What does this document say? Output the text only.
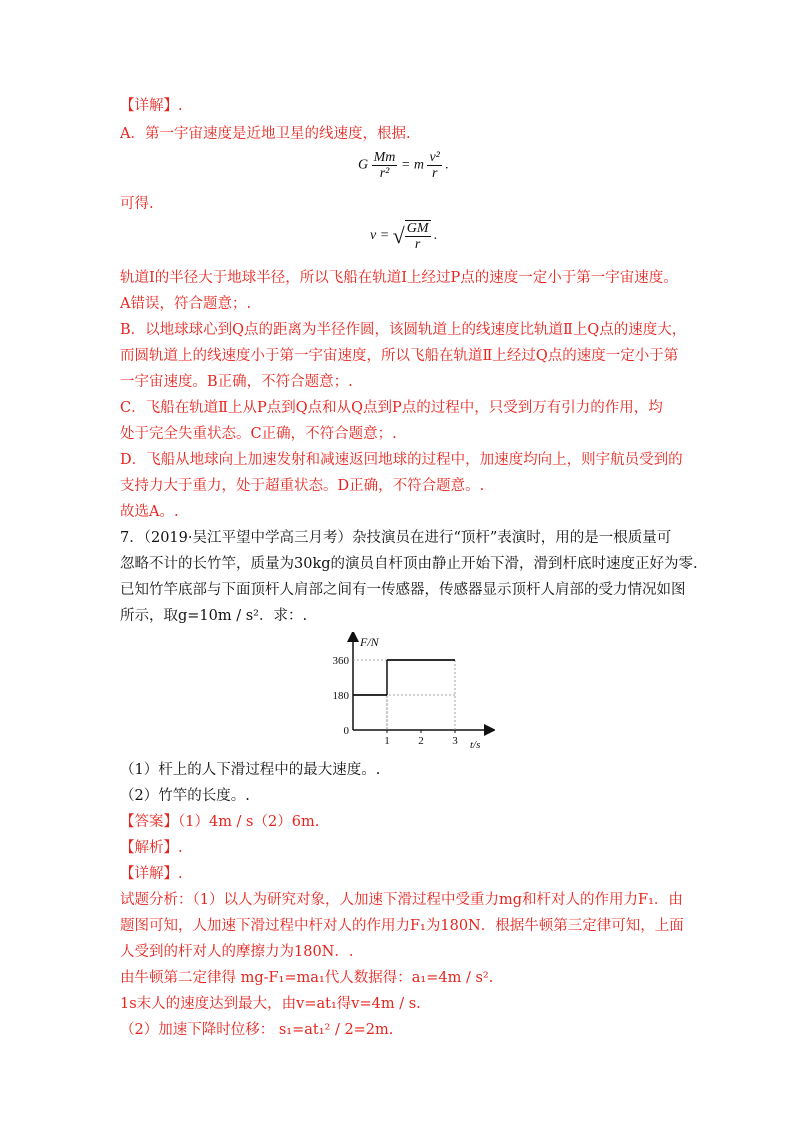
【详解】.
A．第一宇宙速度是近地卫星的线速度，根据.
G $\frac{Mm}{\text{r²}} = m \frac{\text{v²}}{r}$ .
可得.
v = √ $\frac{GM}{r}$ .
轨道Ⅰ的半径大于地球半径，所以飞船在轨道Ⅰ上经过P点的速度一定小于第一宇宙速度。
A错误，符合题意；.
B．以地球球心到Q点的距离为半径作圆，该圆轨道上的线速度比轨道Ⅱ上Q点的速度大，
而圆轨道上的线速度小于第一宇宙速度，所以飞船在轨道Ⅱ上经过Q点的速度一定小于第
一宇宙速度。B正确，不符合题意；.
C．飞船在轨道Ⅱ上从P点到Q点和从Q点到P点的过程中，只受到万有引力的作用，均
处于完全失重状态。C正确，不符合题意；.
D．飞船从地球向上加速发射和减速返回地球的过程中，加速度均向上，则宇航员受到的
支持力大于重力，处于超重状态。D正确，不符合题意。.
故选A。.
7．（2019·吴江平望中学高三月考）杂技演员在进行“顶杆”表演时，用的是一根质量可
忽略不计的长竹竿，质量为30kg的演员自杆顶由静止开始下滑，滑到杆底时速度正好为零.
已知竹竿底部与下面顶杆人肩部之间有一传感器，传感器显示顶杆人肩部的受力情况如图
所示，取g=10m / s²．求：.
F/N
t/s
0
180
360
1	2	3
（1）杆上的人下滑过程中的最大速度。.
（2）竹竿的长度。.
【答案】（1）4m / s（2）6m.
【解析】.
【详解】.
试题分析：（1）以人为研究对象，人加速下滑过程中受重力mg和杆对人的作用力F₁．由
题图可知，人加速下滑过程中杆对人的作用力F₁为180N．根据牛顿第三定律可知，上面
人受到的杆对人的摩擦力为180N．.
由牛顿第二定律得 mg-F₁=ma₁代人数据得：a₁=4m / s².
1s末人的速度达到最大，由v=at₁得v=4m / s.
（2）加速下降时位移： s₁=at₁² / 2=2m.
